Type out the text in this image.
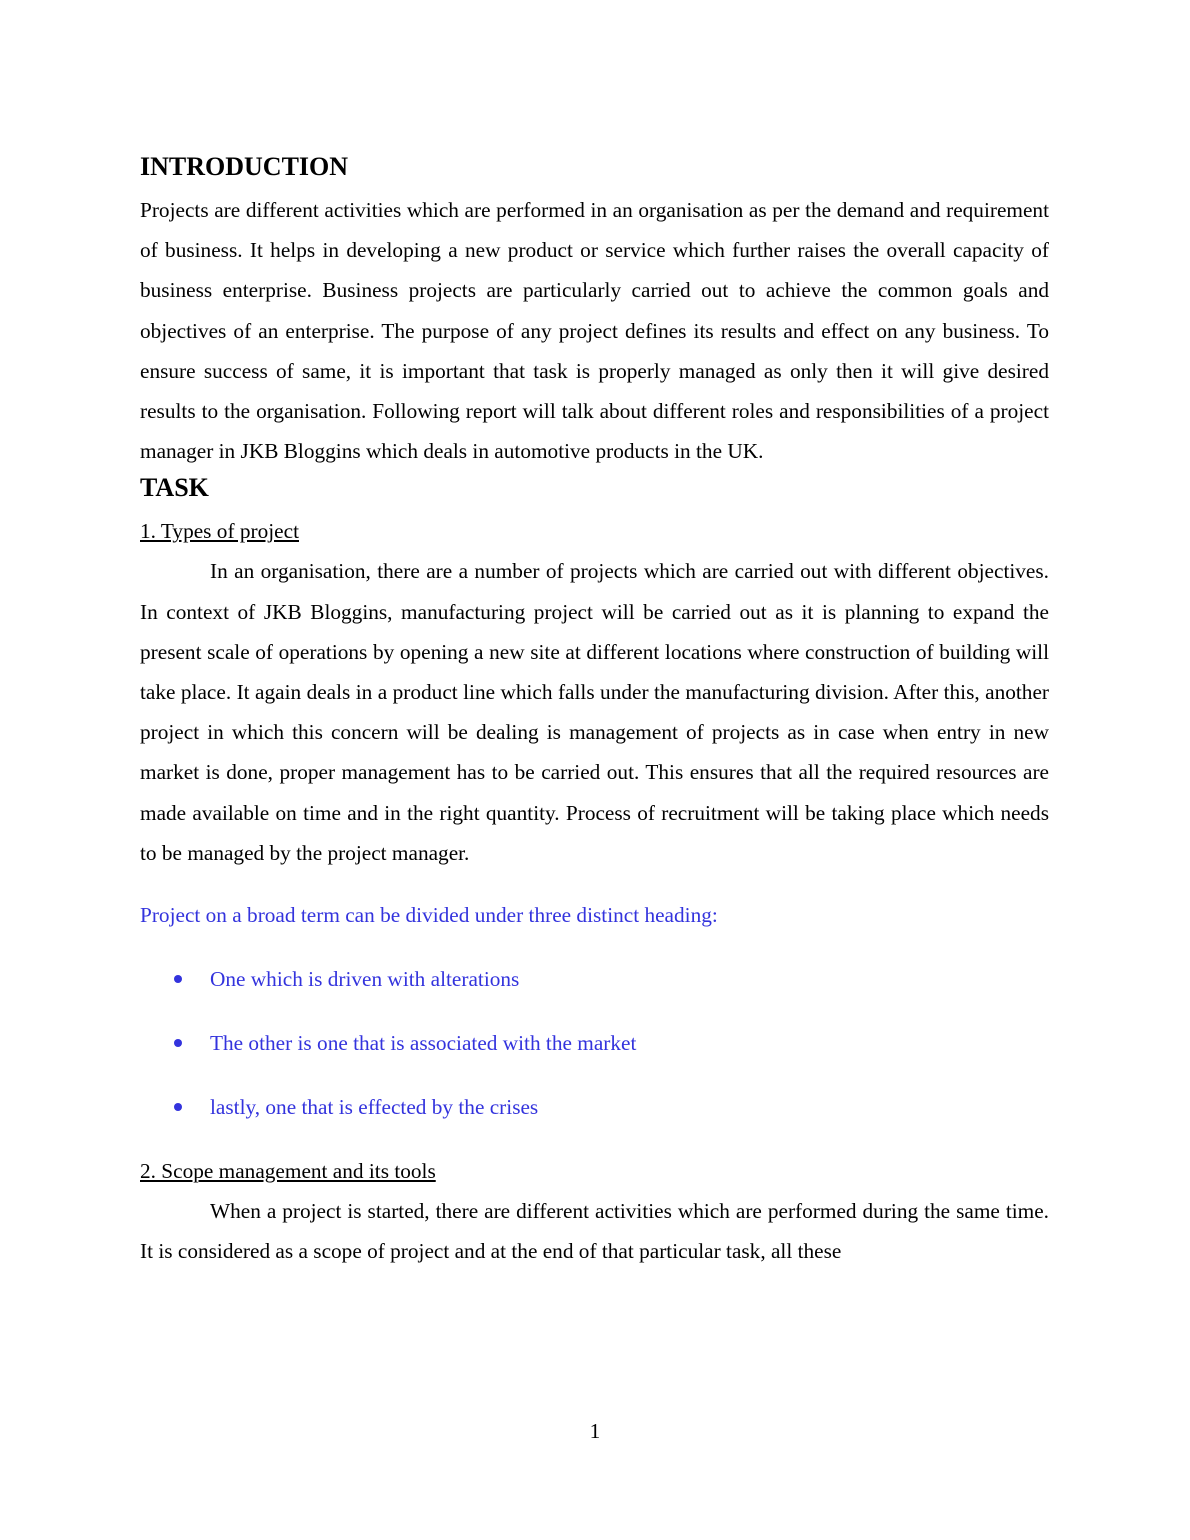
INTRODUCTION

Projects are different activities which are performed in an organisation as per the demand and requirement of business. It helps in developing a new product or service which further raises the overall capacity of business enterprise. Business projects are particularly carried out to achieve the common goals and objectives of an enterprise. The purpose of any project defines its results and effect on any business. To ensure success of same, it is important that task is properly managed as only then it will give desired results to the organisation. Following report will talk about different roles and responsibilities of a project manager in JKB Bloggins which deals in automotive products in the UK.

TASK

1. Types of project

In an organisation, there are a number of projects which are carried out with different objectives. In context of JKB Bloggins, manufacturing project will be carried out as it is planning to expand the present scale of operations by opening a new site at different locations where construction of building will take place. It again deals in a product line which falls under the manufacturing division. After this, another project in which this concern will be dealing is management of projects as in case when entry in new market is done, proper management has to be carried out. This ensures that all the required resources are made available on time and in the right quantity. Process of recruitment will be taking place which needs to be managed by the project manager.

Project on a broad term can be divided under three distinct heading:

One which is driven with alterations
The other is one that is associated with the market
lastly, one that is effected by the crises

2. Scope management and its tools

When a project is started, there are different activities which are performed during the same time. It is considered as a scope of project and at the end of that particular task, all these

1
